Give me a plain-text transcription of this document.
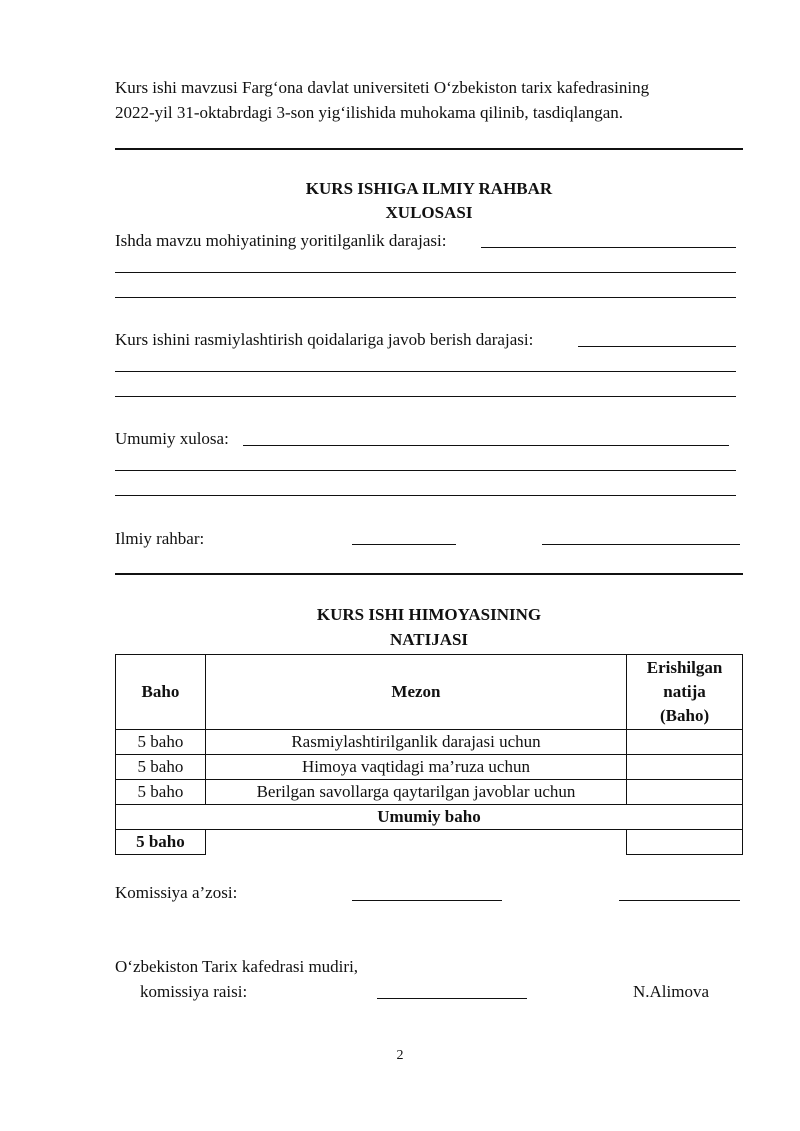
Kurs ishi mavzusi Farg‘ona davlat universiteti O‘zbekiston tarix kafedrasining
2022-yil 31-oktabrdagi 3-son yig‘ilishida muhokama qilinib, tasdiqlangan.
KURS ISHIGA ILMIY RAHBAR
XULOSASI
Ishda mavzu mohiyatining yoritilganlik darajasi:
Kurs ishini rasmiylashtirish qoidalariga javob berish darajasi:
Umumiy xulosa:
Ilmiy rahbar:
KURS ISHI HIMOYASINING
NATIJASI
Baho	Mezon	Erishilgan
natija
(Baho)

5 baho	Rasmiylashtirilganlik darajasi uchun	
5 baho	Himoya vaqtidagi ma’ruza uchun	
5 baho	Berilgan savollarga qaytarilgan javoblar uchun	
Umumiy baho		
5 baho		
Komissiya a’zosi:
O‘zbekiston Tarix kafedrasi mudiri,
komissiya raisi:	N.Alimova
2
